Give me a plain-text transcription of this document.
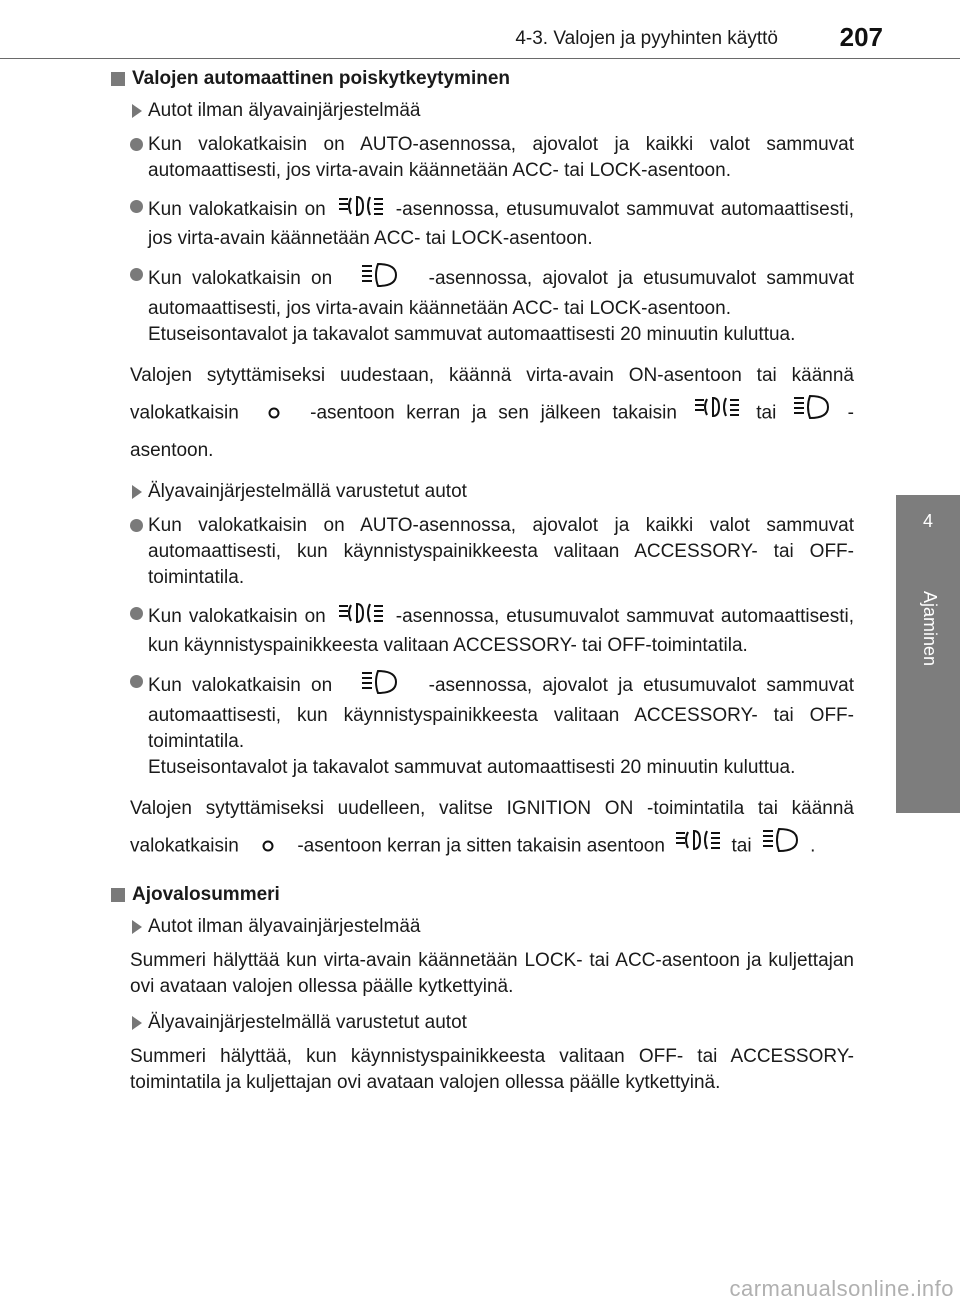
4-3. Valojen ja pyyhinten käyttö 207
4
Ajaminen
Valojen automaattinen poiskytkeytyminen
Autot ilman älyavainjärjestelmää
Kun valokatkaisin on AUTO-asennossa, ajovalot ja kaikki valot sammuvat automaattisesti, jos virta-avain käännetään ACC- tai LOCK-asentoon.
Kun valokatkaisin on	-asennossa, etusumuvalot sammuvat automaattisesti, jos virta-avain käännetään ACC- tai LOCK-asentoon.
Kun valokatkaisin on	-asennossa, ajovalot ja etusumuvalot sammuvat automaattisesti, jos virta-avain käännetään ACC- tai LOCK-asentoon.
Etuseisontavalot ja takavalot sammuvat automaattisesti 20 minuutin kuluttua.
Valojen sytyttämiseksi uudestaan, käännä virta-avain ON-asentoon tai käännä valokatkaisin	-asentoon kerran ja sen jälkeen takaisin	tai	-asentoon.
Älyavainjärjestelmällä varustetut autot
Kun valokatkaisin on AUTO-asennossa, ajovalot ja kaikki valot sammuvat automaattisesti, kun käynnistyspainikkeesta valitaan ACCESSORY- tai OFF-toimintatila.
Kun valokatkaisin on	-asennossa, etusumuvalot sammuvat automaattisesti, kun käynnistyspainikkeesta valitaan ACCESSORY- tai OFF-toimintatila.
Kun valokatkaisin on	-asennossa, ajovalot ja etusumuvalot sammuvat automaattisesti, kun käynnistyspainikkeesta valitaan ACCESSORY- tai OFF-toimintatila.
Etuseisontavalot ja takavalot sammuvat automaattisesti 20 minuutin kuluttua.
Valojen sytyttämiseksi uudelleen, valitse IGNITION ON -toimintatila tai käännä valokatkaisin	-asentoon kerran ja sitten takaisin asentoon	tai	.
Ajovalosummeri
Autot ilman älyavainjärjestelmää
Summeri hälyttää kun virta-avain käännetään LOCK- tai ACC-asentoon ja kuljettajan ovi avataan valojen ollessa päälle kytkettyinä.
Älyavainjärjestelmällä varustetut autot
Summeri hälyttää, kun käynnistyspainikkeesta valitaan OFF- tai ACCESSORY-toimintatila ja kuljettajan ovi avataan valojen ollessa päälle kytkettyinä.
carmanualsonline.info
